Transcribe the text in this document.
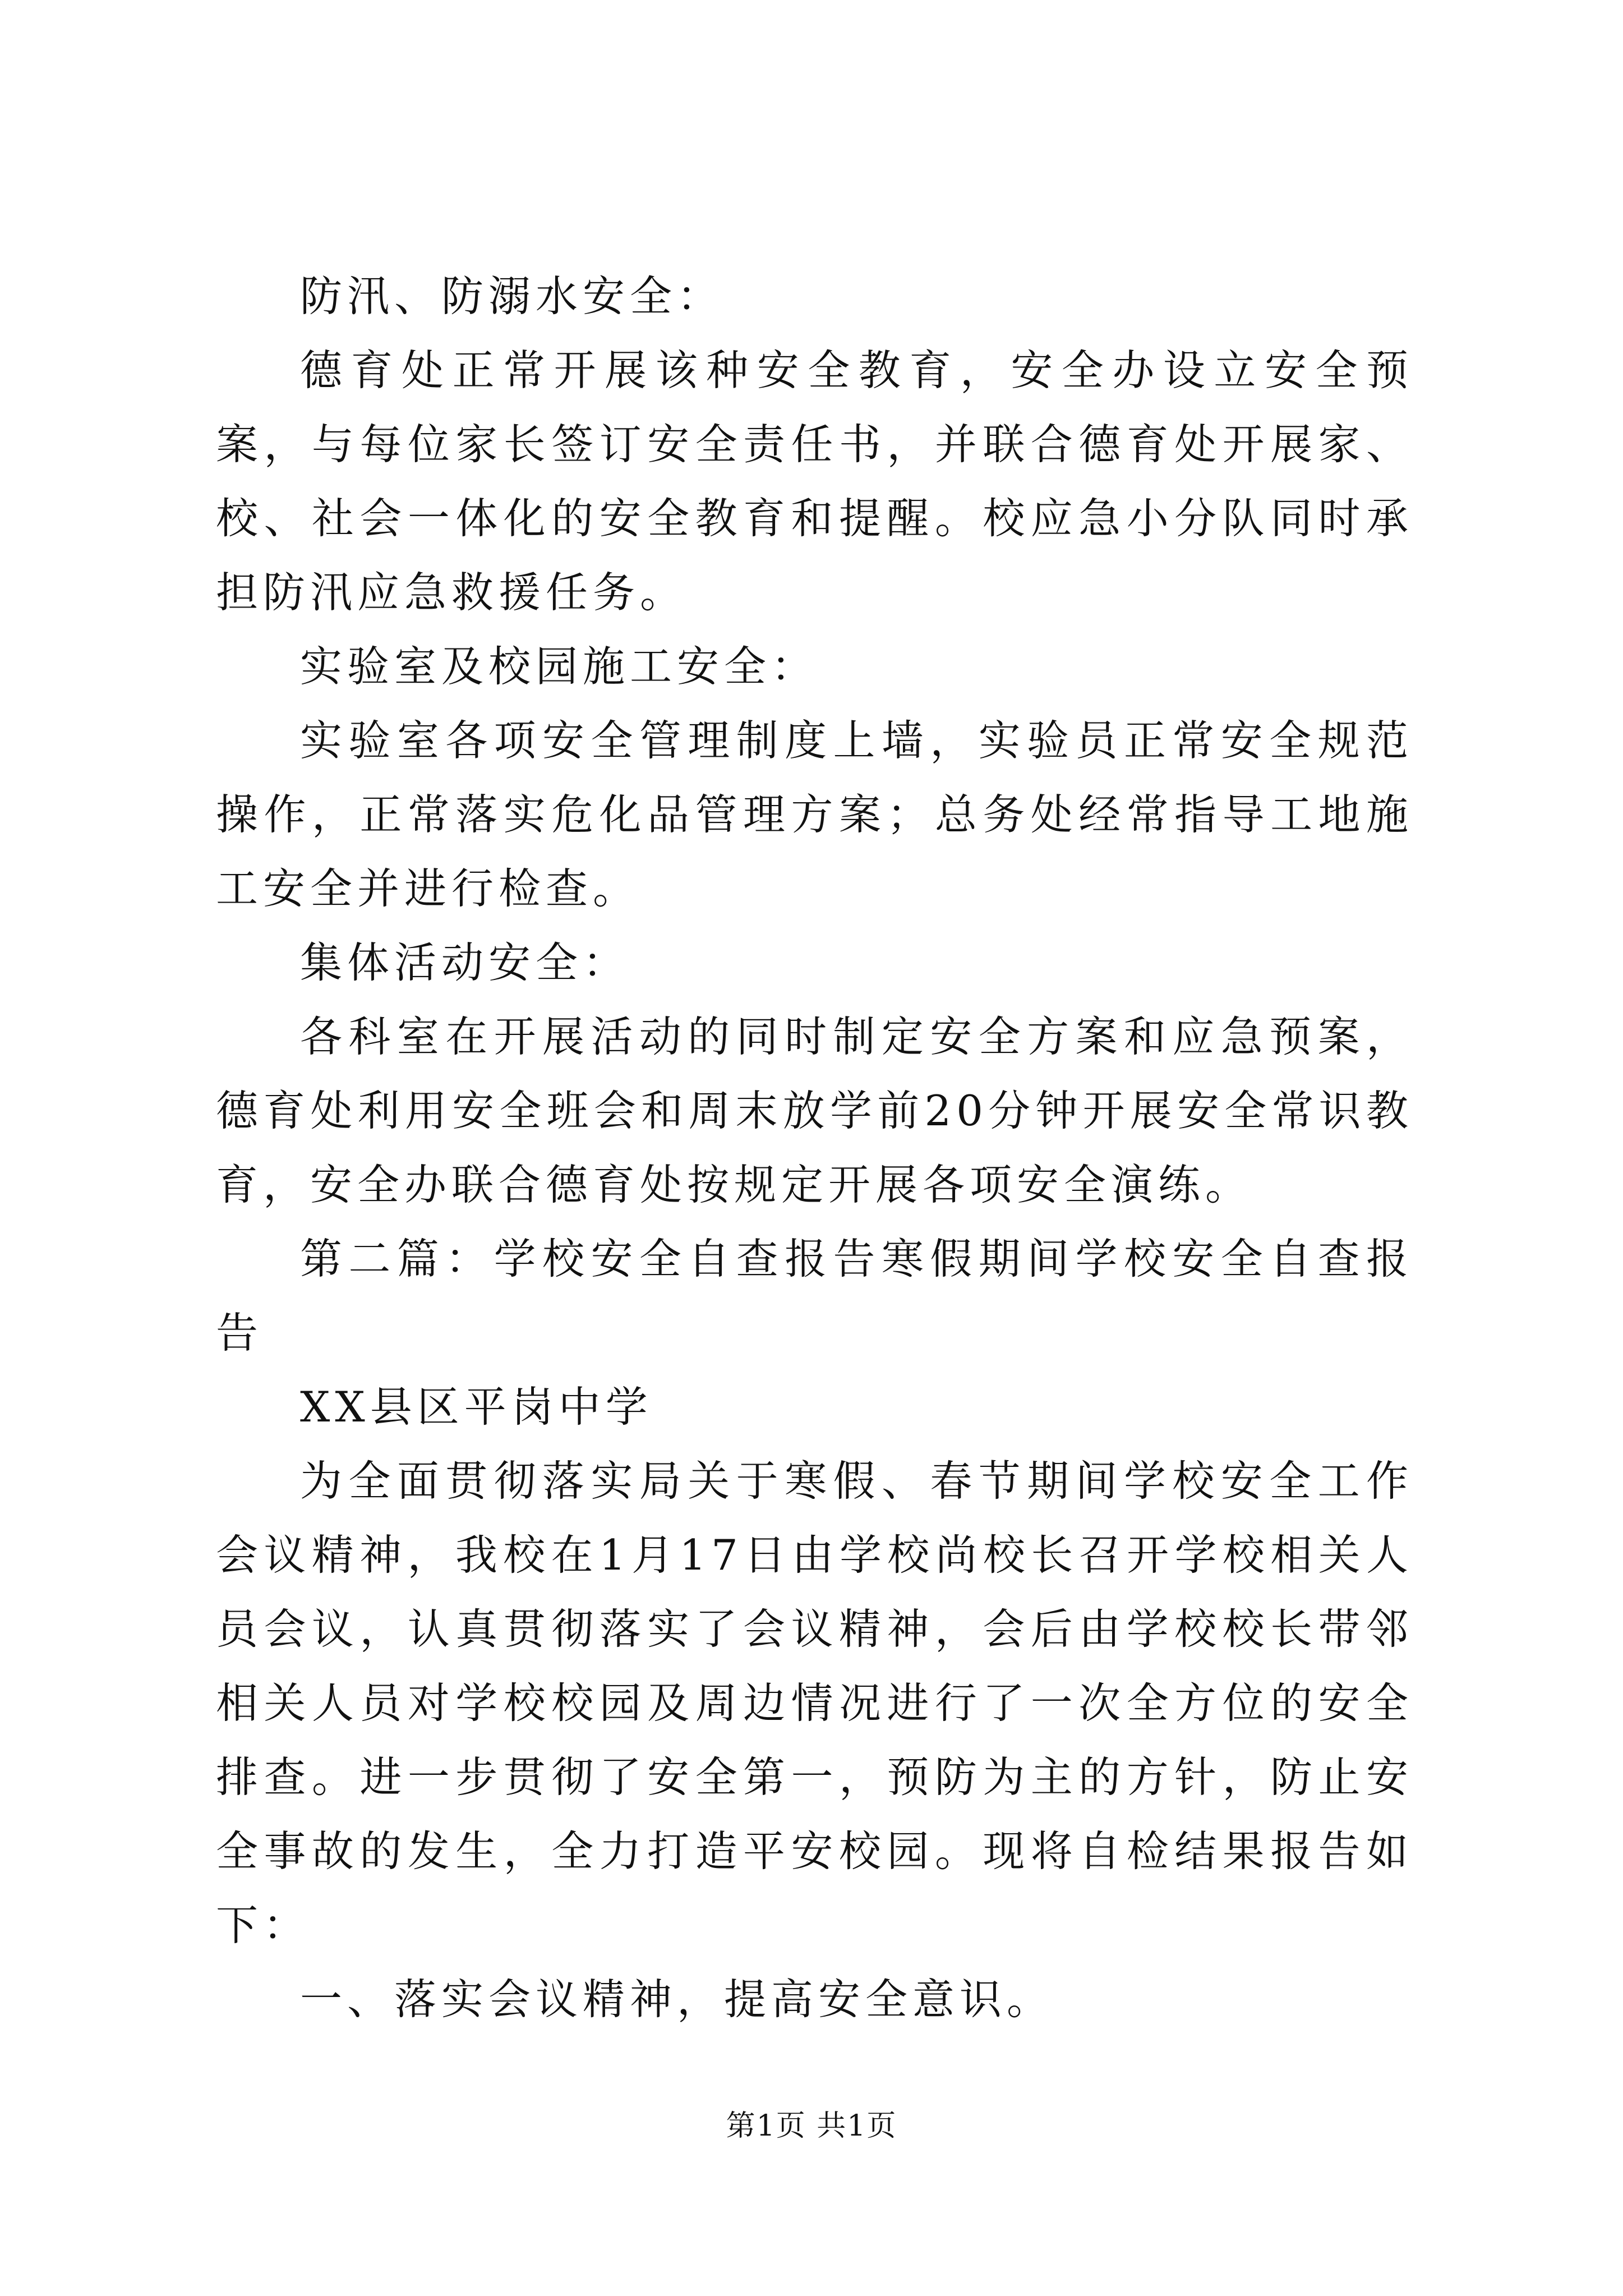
防汛、防溺水安全：

德育处正常开展该种安全教育，安全办设立安全预案，与每位家长签订安全责任书，并联合德育处开展家、校、社会一体化的安全教育和提醒。校应急小分队同时承担防汛应急救援任务。

实验室及校园施工安全：

实验室各项安全管理制度上墙，实验员正常安全规范操作，正常落实危化品管理方案；总务处经常指导工地施工安全并进行检查。

集体活动安全：

各科室在开展活动的同时制定安全方案和应急预案，德育处利用安全班会和周末放学前20分钟开展安全常识教育，安全办联合德育处按规定开展各项安全演练。

第二篇：学校安全自查报告寒假期间学校安全自查报告

XX县区平岗中学

为全面贯彻落实局关于寒假、春节期间学校安全工作会议精神，我校在1月17日由学校尚校长召开学校相关人员会议，认真贯彻落实了会议精神，会后由学校校长带邻相关人员对学校校园及周边情况进行了一次全方位的安全排查。进一步贯彻了安全第一，预防为主的方针，防止安全事故的发生，全力打造平安校园。现将自检结果报告如下：

一、落实会议精神，提高安全意识。

第1页 共1页
